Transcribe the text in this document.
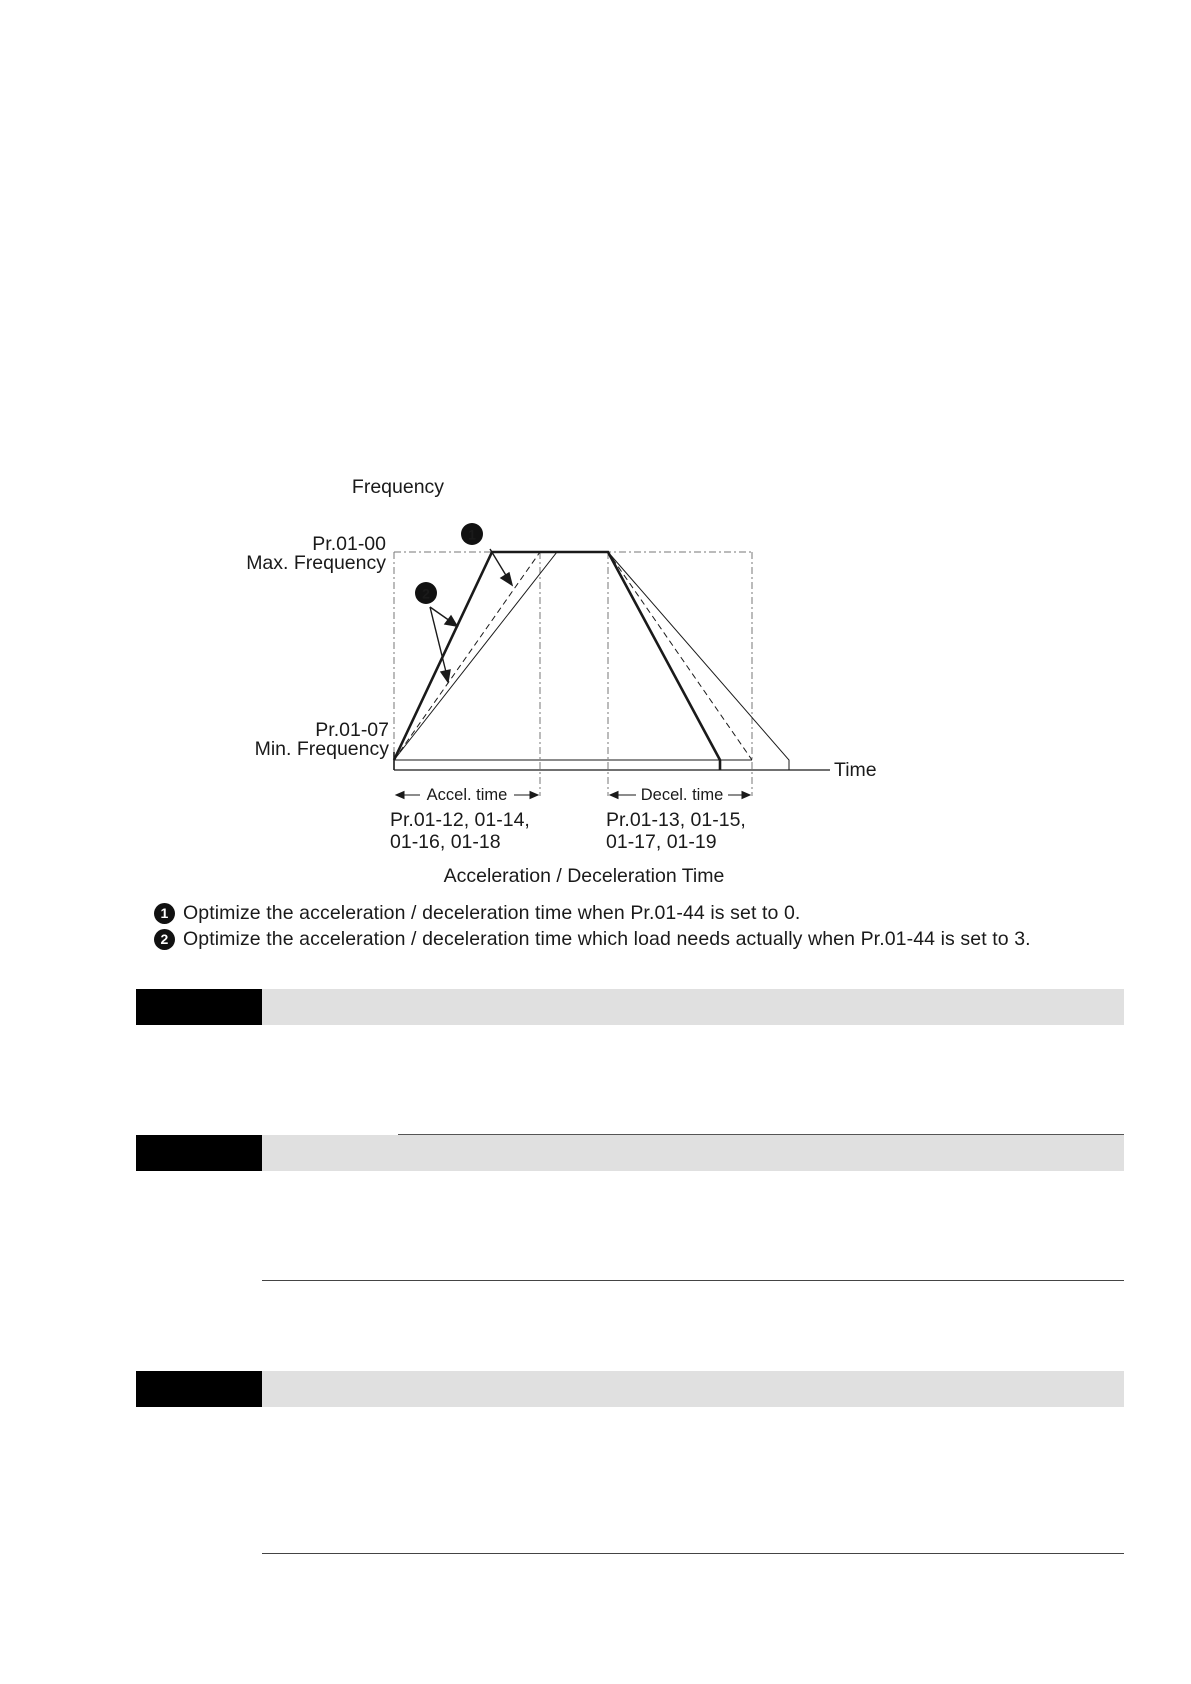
1
2
Frequency
Time
Pr.01-00
Max. Frequency
Pr.01-07
Min. Frequency
Accel. time	Decel. time
Pr.01-12, 01-14,
01-16, 01-18
Pr.01-13, 01-15,
01-17, 01-19
Acceleration / Deceleration Time
1 Optimize the acceleration / deceleration time when Pr.01-44 is set to 0.
2 Optimize the acceleration / deceleration time which load needs actually when Pr.01-44 is set to 3.
